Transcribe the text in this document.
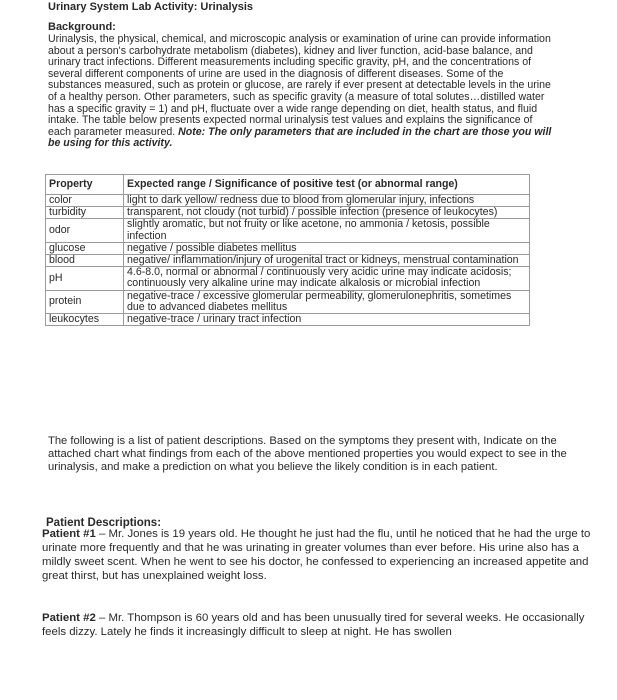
Urinary System Lab Activity: Urinalysis
Background:
Urinalysis, the physical, chemical, and microscopic analysis or examination of urine can provide information about a person's carbohydrate metabolism (diabetes), kidney and liver function, acid-base balance, and urinary tract infections. Different measurements including specific gravity, pH, and the concentrations of several different components of urine are used in the diagnosis of different diseases. Some of the substances measured, such as protein or glucose, are rarely if ever present at detectable levels in the urine of a healthy person. Other parameters, such as specific gravity (a measure of total solutes…distilled water has a specific gravity = 1) and pH, fluctuate over a wide range depending on diet, health status, and fluid intake. The table below presents expected normal urinalysis test values and explains the significance of each parameter measured. Note: The only parameters that are included in the chart are those you will be using for this activity.
Property	Expected range / Significance of positive test (or abnormal range)
color	light to dark yellow/ redness due to blood from glomerular injury, infections
turbidity	transparent, not cloudy (not turbid) / possible infection (presence of leukocytes)
odor	slightly aromatic, but not fruity or like acetone, no ammonia / ketosis, possible infection
glucose	negative / possible diabetes mellitus
blood	negative/ inflammation/injury of urogenital tract or kidneys, menstrual contamination
pH	4.6-8.0, normal or abnormal / continuously very acidic urine may indicate acidosis; continuously very alkaline urine may indicate alkalosis or microbial infection
protein	negative-trace / excessive glomerular permeability, glomerulonephritis, sometimes due to advanced diabetes mellitus
leukocytes	negative-trace / urinary tract infection
The following is a list of patient descriptions. Based on the symptoms they present with, Indicate on the attached chart what findings from each of the above mentioned properties you would expect to see in the urinalysis, and make a prediction on what you believe the likely condition is in each patient.
Patient Descriptions:
Patient #1 – Mr. Jones is 19 years old. He thought he just had the flu, until he noticed that he had the urge to urinate more frequently and that he was urinating in greater volumes than ever before. His urine also has a mildly sweet scent. When he went to see his doctor, he confessed to experiencing an increased appetite and great thirst, but has unexplained weight loss.
Patient #2 – Mr. Thompson is 60 years old and has been unusually tired for several weeks. He occasionally feels dizzy. Lately he finds it increasingly difficult to sleep at night. He has swollen
